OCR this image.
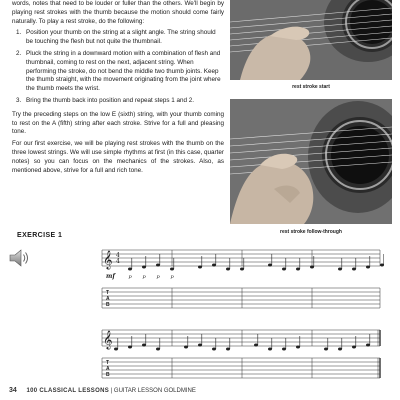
words, notes that need to be louder or fuller than the others. We'll begin by playing rest strokes with the thumb because the motion should come fairly naturally. To play a rest stroke, do the following:

1. Position your thumb on the string at a slight angle. The string should be touching the flesh but not quite the thumbnail.
2. Pluck the string in a downward motion with a combination of flesh and thumbnail, coming to rest on the next, adjacent string. When performing the stroke, do not bend the middle two thumb joints. Keep the thumb straight, with the movement originating from the joint where the thumb meets the wrist.
3. Bring the thumb back into position and repeat steps 1 and 2.

Try the preceding steps on the low E (sixth) string, with your thumb coming to rest on the A (fifth) string after each stroke. Strive for a full and pleasing tone.

For our first exercise, we will be playing rest strokes with the thumb on the three lowest strings. We will use simple rhythms at first (in this case, quarter notes) so you can focus on the mechanics of the strokes. Also, as mentioned above, strive for a full and rich tone.

rest stroke start
rest stroke follow-through
EXERCISE 1
𝄞 4
4
T
A
B
mf	p p p p
𝄞
T
A
B
34 100 CLASSICAL LESSONS | GUITAR LESSON GOLDMINE
